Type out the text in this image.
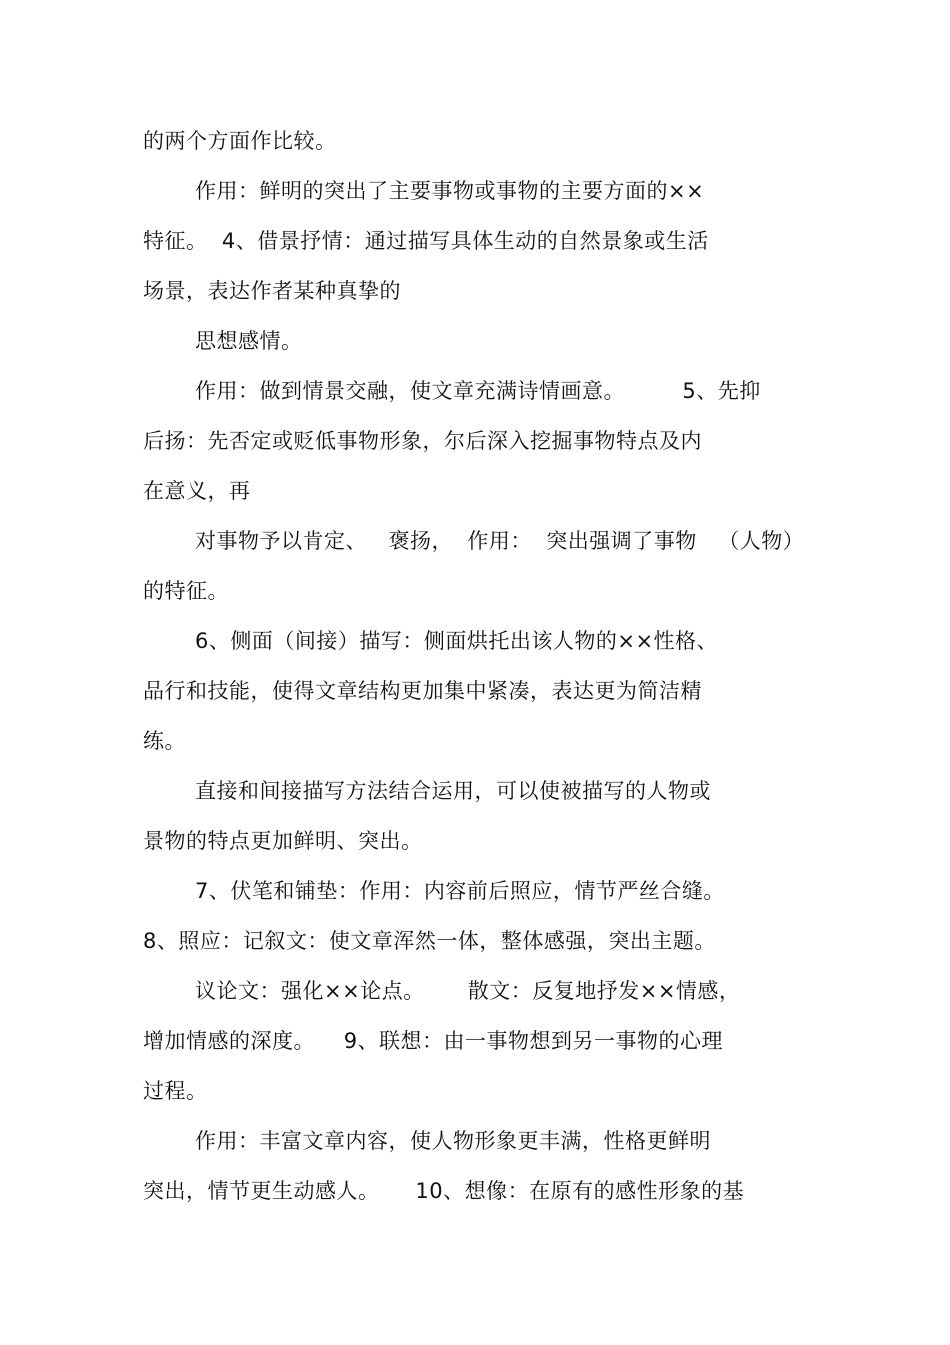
的两个方面作比较。
作用：鲜明的突出了主要事物或事物的主要方面的××
特征。  4、借景抒情：通过描写具体生动的自然景象或生活
场景，表达作者某种真挚的
思想感情。
作用：做到情景交融，使文章充满诗情画意。        5、先抑
后扬：先否定或贬低事物形象，尔后深入挖掘事物特点及内
在意义，再
对事物予以肯定、   褒扬，  作用：  突出强调了事物   （人物）
的特征。
6、侧面（间接）描写：侧面烘托出该人物的××性格、
品行和技能，使得文章结构更加集中紧凑，表达更为简洁精
练。
直接和间接描写方法结合运用，可以使被描写的人物或
景物的特点更加鲜明、突出。
7、伏笔和铺垫：作用：内容前后照应，情节严丝合缝。
8、照应：记叙文：使文章浑然一体，整体感强，突出主题。
议论文：强化××论点。      散文：反复地抒发××情感，
增加情感的深度。    9、联想：由一事物想到另一事物的心理
过程。
作用：丰富文章内容，使人物形象更丰满，性格更鲜明
突出，情节更生动感人。     10、想像：在原有的感性形象的基
